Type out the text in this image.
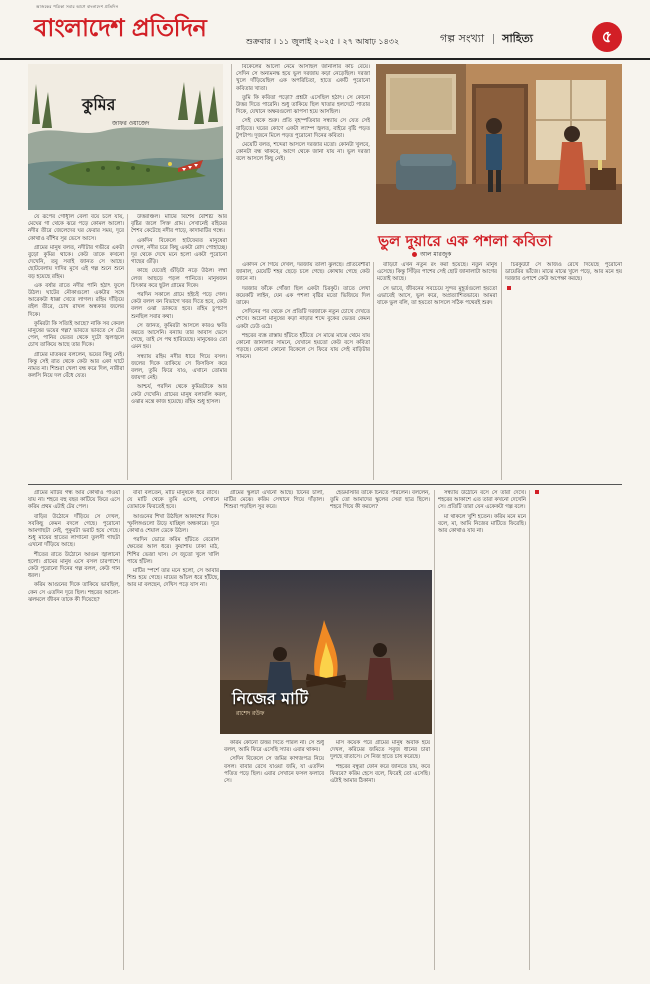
আজকের পত্রিকা সবার আগে বাংলাদেশ প্রতিদিন
বাংলাদেশ প্রতিদিন	শুক্রবার । ১১ জুলাই ২০২৫ । ২৭ আষাঢ় ১৪৩২	গল্প সংখ্যা সাহিত্য	৫
কুমির
জাফর ওয়াজেদ

যে রূপের গোধূলি বেলা বয়ে চলে যায়, মেঘের গা থেকে ঝরে পড়ে কোমল আলো। নদীর তীরে জেলেদের ঘর ফেরার সময়, দূরে কোথাও বাঁশির সুর ভেসে আসে।

গ্রামের মানুষ বলত, নদীটার গভীরে একটা বুড়ো কুমির থাকে। কেউ তাকে কখনো দেখেনি, তবু সবাই জানত সে আছে। ছোটবেলায় দাদির মুখে এই গল্প শুনে শুনে বড় হয়েছে রহিম।

এক বর্ষার রাতে নদীর পানি হঠাৎ ফুলে উঠল। ঘাটের নৌকাগুলো একটার সঙ্গে আরেকটা ধাক্কা খেতে লাগল। রহিম দাঁড়িয়ে রইল তীরে, চোখ রাখল অন্ধকার জলের দিকে।

কুমিরটা কি সত্যিই আছে? নাকি সব কেবল মানুষের ভয়ের গল্প? ভাবতে ভাবতে সে টের পেল, পানির ভেতর থেকে দুটো জ্বলজ্বলে চোখ তাকিয়ে আছে তার দিকে।

গ্রামের মাতব্বর বললেন, ভয়ের কিছু নেই। কিন্তু সেই রাত থেকে কেউ আর একা ঘাটে নামত না। শিশুরা খেলা বন্ধ করে দিল, নারীরা কলসি নিয়ে দল বেঁধে যেত।

উত্তরাঞ্চল। মাটির বিশেষ বৈশিষ্ট্য আর বৃষ্টির জলে সিক্ত গ্রাম। সেখানেই রহিমের শৈশব কেটেছে নদীর পাড়ে, কাদামাটির গন্ধে।

একদিন বিকেলে হাটফেরত মানুষেরা দেখল, নদীর চরে কিছু একটা রোদ পোহাচ্ছে। দূর থেকে দেখে মনে হলো একটা পুরোনো গাছের গুঁড়ি।

কাছে যেতেই গুঁড়িটা নড়ে উঠল। লম্বা লেজ আছড়ে পড়ল পানিতে। মানুষজন চিৎকার করে ছুটল গ্রামের দিকে।

পরদিন সকালে গ্রামে হইচই পড়ে গেল। কেউ বলল বন বিভাগে খবর দিতে হবে, কেউ বলল ওঝা ডাকতে হবে। রহিম চুপচাপ শুনছিল সবার কথা।

সে জানত, কুমিরটা আসলে কারও ক্ষতি করতে আসেনি। বন্যায় তার আবাস ভেসে গেছে, তাই সে পথ হারিয়েছে। মানুষেরও তো এমন হয়।

সন্ধ্যায় রহিম নদীর ধারে গিয়ে বসল। জলের দিকে তাকিয়ে সে ফিসফিস করে বলল, তুমি ফিরে যাও, এখানে তোমার জায়গা নেই।

আশ্চর্য, পরদিন থেকে কুমিরটাকে আর কেউ দেখেনি। গ্রামের মানুষ বলাবলি করল, ওঝার মন্ত্রে কাজ হয়েছে। রহিম শুধু হাসল।

ভুল দুয়ারে এক পশলা কবিতা
আল মারজুক

বিকেলের আলো নেমে আসছিল জানালার কাচ বেয়ে। সেদিন সে অন্যমনস্ক হয়ে ভুল দরজায় কড়া নেড়েছিল। দরজা খুলে দাঁড়িয়েছিল এক অপরিচিতা, হাতে একটি পুরোনো কবিতার খাতা।

তুমি কি কবিতা পড়ো? প্রশ্নটা এসেছিল হঠাৎ। সে কোনো উত্তর দিতে পারেনি। শুধু তাকিয়ে ছিল খাতার হলদেটে পাতার দিকে, যেখানে অক্ষরগুলো ঝাপসা হয়ে আসছিল।

সেই থেকে শুরু। প্রতি বৃহস্পতিবার সন্ধ্যায় সে যেত সেই বাড়িতে। ঘরের কোণে একটা ল্যাম্প জ্বলত, বাইরে বৃষ্টি পড়ত টুপটাপ। দুজনে মিলে পড়ত পুরোনো দিনের কবিতা।

মেয়েটি বলত, শব্দেরা আসলে দরজার মতো। কোনটা খুলবে, কোনটা বন্ধ থাকবে, আগে থেকে জানা যায় না। ভুল দরজা বলে আসলে কিছু নেই।

একদিন সে গিয়ে দেখল, দরজায় তালা ঝুলছে। প্রতিবেশীরা জানাল, মেয়েটি শহর ছেড়ে চলে গেছে। কোথায় গেছে কেউ জানে না।

দরজার ফাঁকে গোঁজা ছিল একটা চিরকুট। তাতে লেখা কয়েকটি লাইন, যেন এক পশলা বৃষ্টির মতো ভিজিয়ে দিল তাকে।

সেদিনের পর থেকে সে প্রতিটি দরজাকে নতুন চোখে দেখতে শেখে। অচেনা মানুষের কড়া নাড়ার শব্দে বুকের ভেতর কেমন একটা ঢেউ ওঠে।

শহরের ব্যস্ত রাস্তায় হাঁটতে হাঁটতে সে মাঝে মাঝে থেমে যায় কোনো জানালার সামনে, যেখানে হয়তো কেউ বসে কবিতা পড়ছে। কোনো কোনো বিকেলে সে ফিরে যায় সেই বাড়িটার সামনে।

বাড়িটা এখন নতুন রং করা হয়েছে। নতুন মানুষ এসেছে। কিন্তু সিঁড়ির পাশের সেই ছোট জানালাটা আগের মতোই আছে।

সে ভাবে, জীবনের সবচেয়ে সুন্দর মুহূর্তগুলো হয়তো এভাবেই আসে, ভুল করে, অপ্রত্যাশিতভাবে। আমরা যাকে ভুল বলি, তা হয়তো আসলে সঠিক পথেরই শুরু।

চিরকুটটা সে আজও রেখে দিয়েছে পুরোনো ডায়েরির ভাঁজে। মাঝে মাঝে খুলে পড়ে, আর মনে হয় দরজার ওপাশে কেউ অপেক্ষা করছে।

গ্রামের মাটির গন্ধ আর কোথাও পাওয়া যায় না। শহরে বহু বছর কাটিয়ে ফিরে এসে করিম প্রথম এটাই টের পেল।

বাড়ির উঠোনে দাঁড়িয়ে সে দেখল, সবকিছু কেমন বদলে গেছে। পুরোনো আমগাছটা নেই, পুকুরটা ভরাট হয়ে গেছে। শুধু মায়ের হাতের লাগানো তুলসী গাছটা এখনো দাঁড়িয়ে আছে।

শীতের রাতে উঠোনে আগুন জ্বালানো হলো। গ্রামের মানুষ এসে বসল চারপাশে। কেউ পুরোনো দিনের গল্প বলল, কেউ গান ধরল।

করিম আগুনের দিকে তাকিয়ে ভাবছিল, কেন সে এতদিন দূরে ছিল। শহরের আলো-ঝলমলে জীবন তাকে কী দিয়েছে?

বাবা বলতেন, মাটি মানুষকে ধরে রাখে। যে মাটি থেকে তুমি এসেছ, সেখানে তোমাকে ফিরতেই হবে।

আগুনের শিখা উঠছিল আকাশের দিকে। স্ফুলিঙ্গগুলো উড়ে যাচ্ছিল অন্ধকারে। দূরে কোথাও শেয়াল ডেকে উঠল।

পরদিন ভোরে করিম হাঁটতে বেরোল ক্ষেতের আল ধরে। কুয়াশায় ঢাকা মাঠ, শিশির ভেজা ঘাস। সে জুতো খুলে খালি পায়ে হাঁটল।

মাটির স্পর্শে তার মনে হলো, সে আবার শিশু হয়ে গেছে। মায়ের আঁচল ধরে হাঁটছে, আর মা বলছেন, দেখিস পড়ে যাস না।

নিজের মাটি
রাশেদ রউফ

গ্রামের স্কুলটা এখনো আছে। টিনের চালা, মাটির মেঝে। করিম সেখানে গিয়ে দাঁড়াল। শিশুরা পড়ছিল সুর করে।

হেডমাস্টার তাকে চিনতে পারলেন। বললেন, তুমি তো আমাদের স্কুলের সেরা ছাত্র ছিলে। শহরে গিয়ে কী করলে?

করিম কোনো উত্তর দিতে পারল না। সে শুধু বলল, আমি ফিরে এসেছি স্যার। এবার থাকব।

সেদিন বিকেলে সে জমির কাগজপত্র নিয়ে বসল। বাবার রেখে যাওয়া জমি, যা এতদিন পতিত পড়ে ছিল। এবার সেখানে ফসল ফলাবে সে।

মাস কয়েক পরে গ্রামের মানুষ অবাক হয়ে দেখল, করিমের জমিতে সবুজ ধানের চারা দুলছে বাতাসে। সে নিজ হাতে চাষ করেছে।

শহরের বন্ধুরা ফোন করে জানতে চায়, কবে ফিরবে? করিম হেসে বলে, ফিরেই তো এসেছি। এটাই আমার ঠিকানা।

সন্ধ্যায় উঠোনে বসে সে তারা দেখে। শহরের আকাশে এত তারা কখনো দেখেনি সে। প্রতিটি তারা যেন একেকটা গল্প বলে।

মা থাকলে খুশি হতেন। করিম মনে মনে বলে, মা, আমি নিজের মাটিতে ফিরেছি। আর কোথাও যাব না।
